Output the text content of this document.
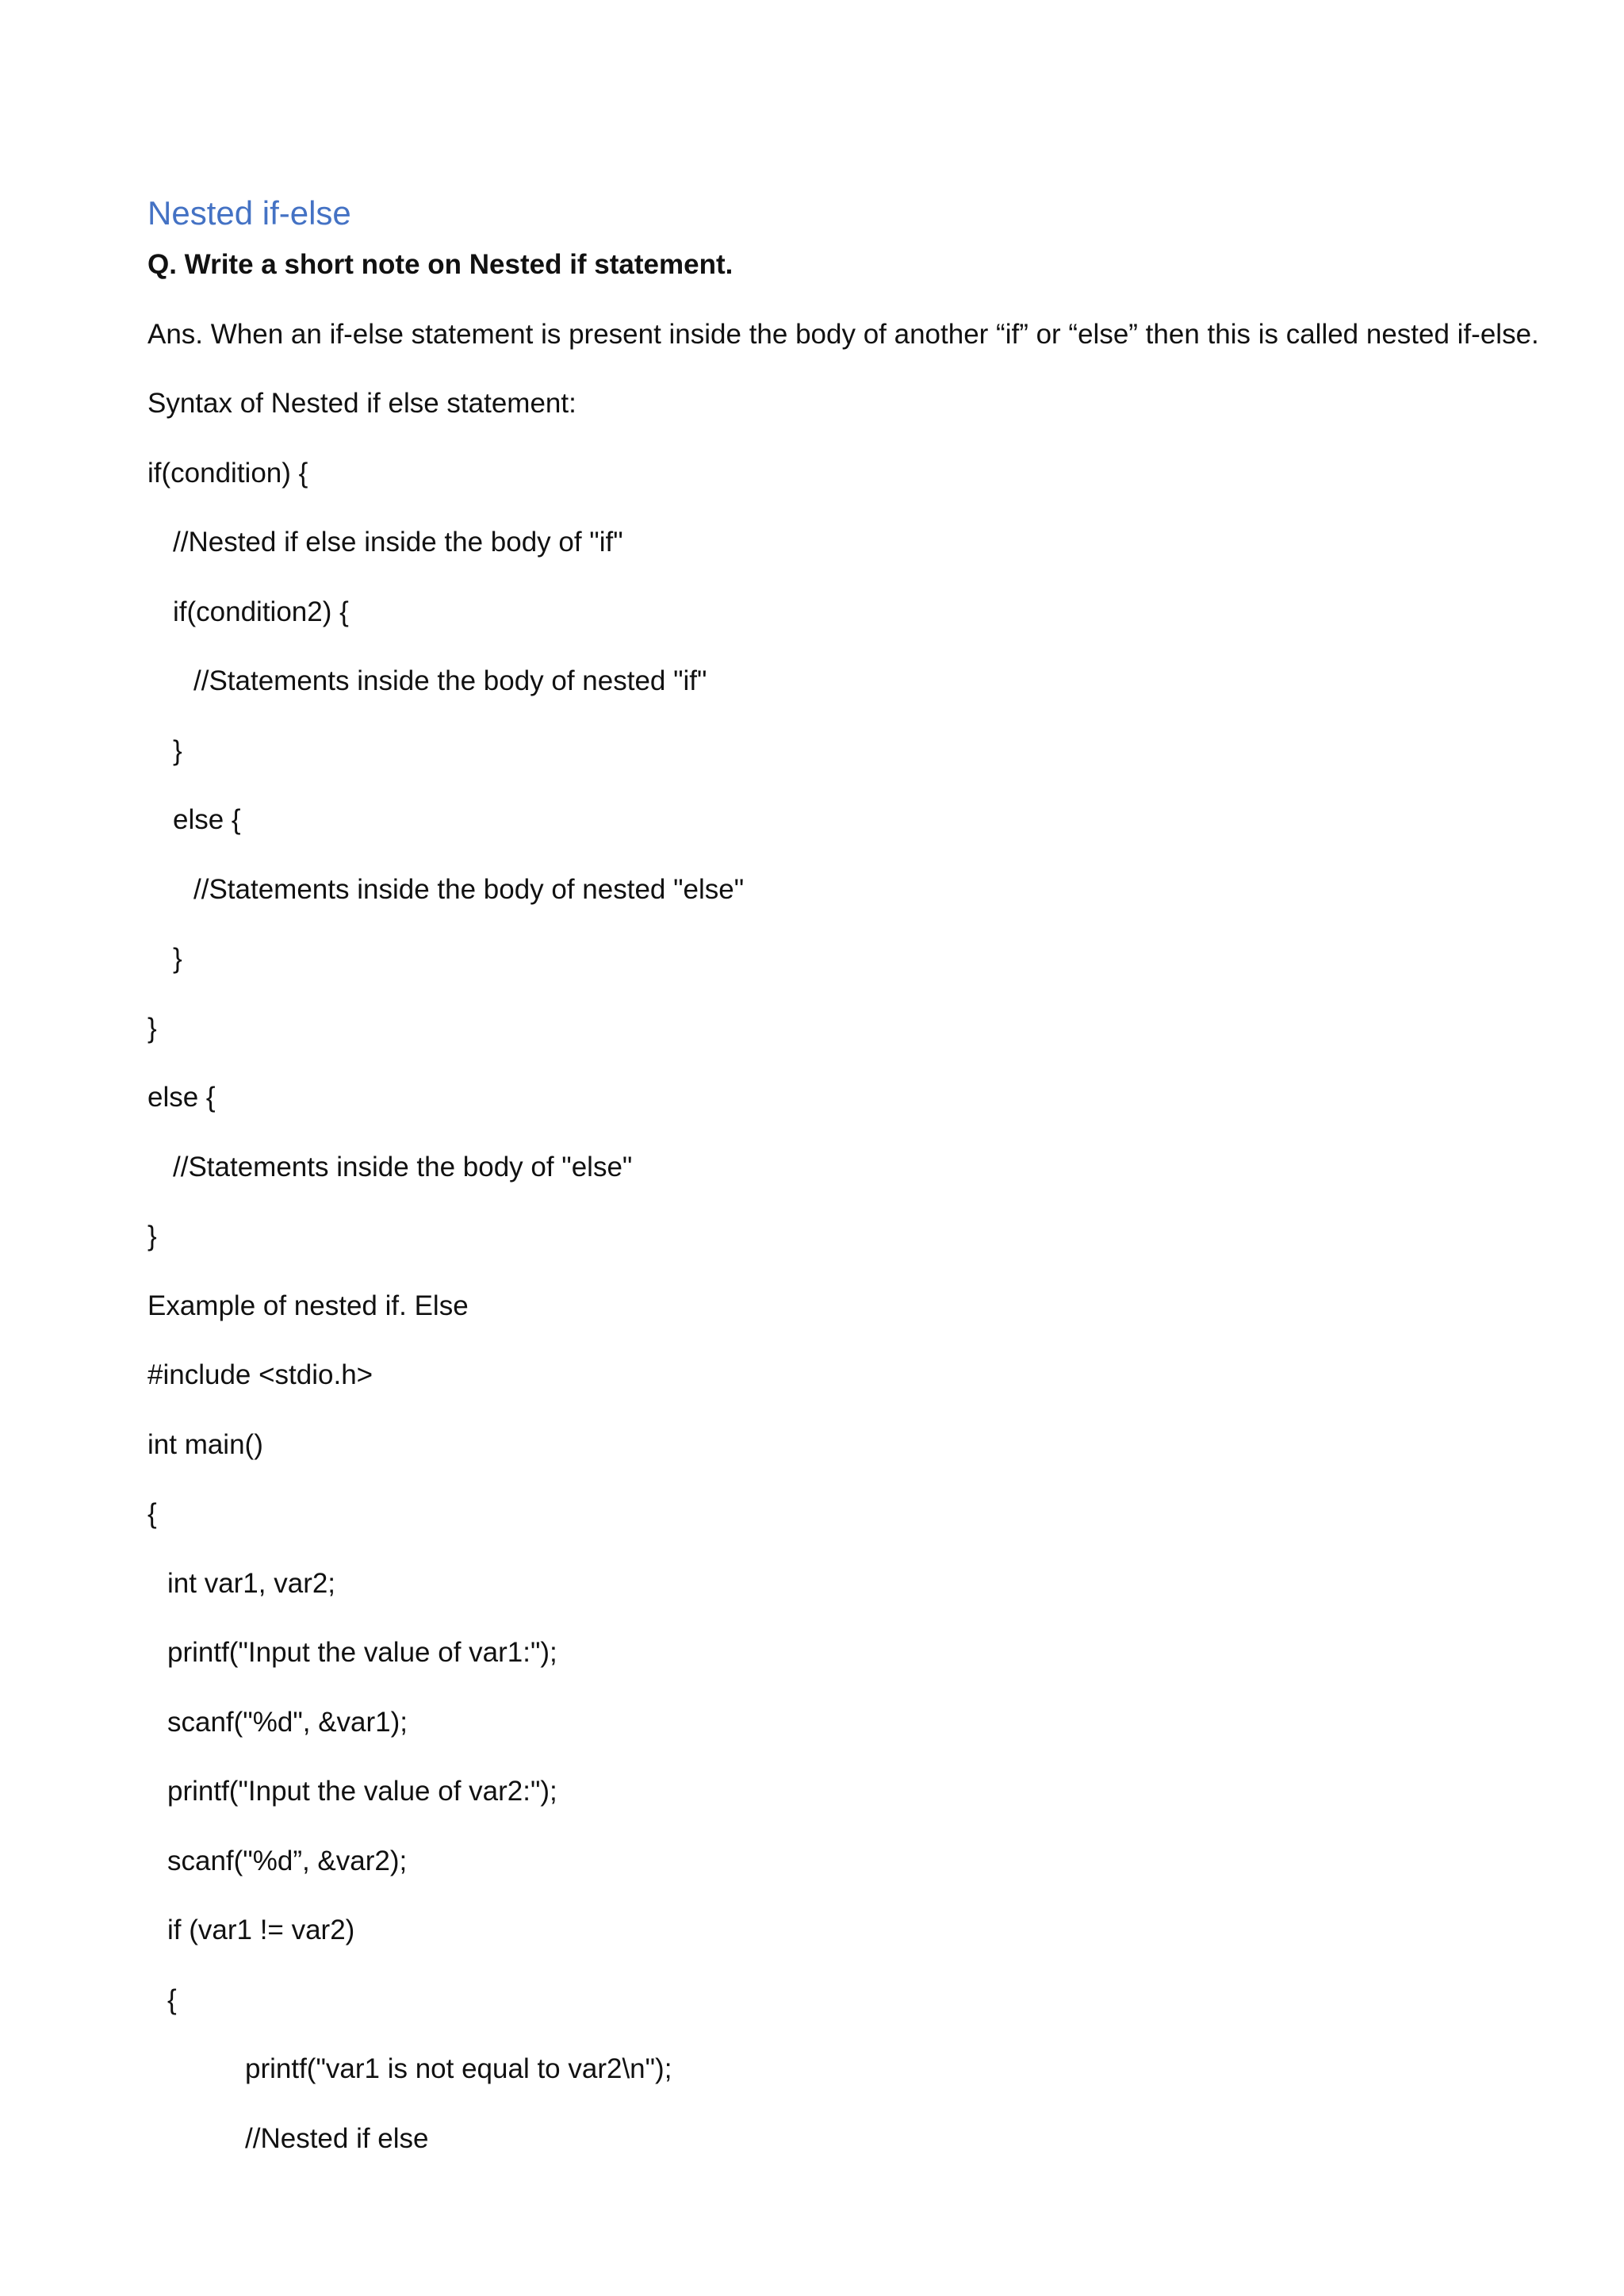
Nested if-else
Q. Write a short note on Nested if statement.
Ans. When an if-else statement is present inside the body of another “if” or “else” then this is called nested if-else.
Syntax of Nested if else statement:
if(condition) {
//Nested if else inside the body of "if"
if(condition2) {
//Statements inside the body of nested "if"
}
else {
//Statements inside the body of nested "else"
}
}
else {
//Statements inside the body of "else"
}
Example of nested if. Else
#include <stdio.h>
int main()
{
int var1, var2;
printf("Input the value of var1:");
scanf("%d", &var1);
printf("Input the value of var2:");
scanf("%d”, &var2);
if (var1 != var2)
{
printf("var1 is not equal to var2\n");
//Nested if else
